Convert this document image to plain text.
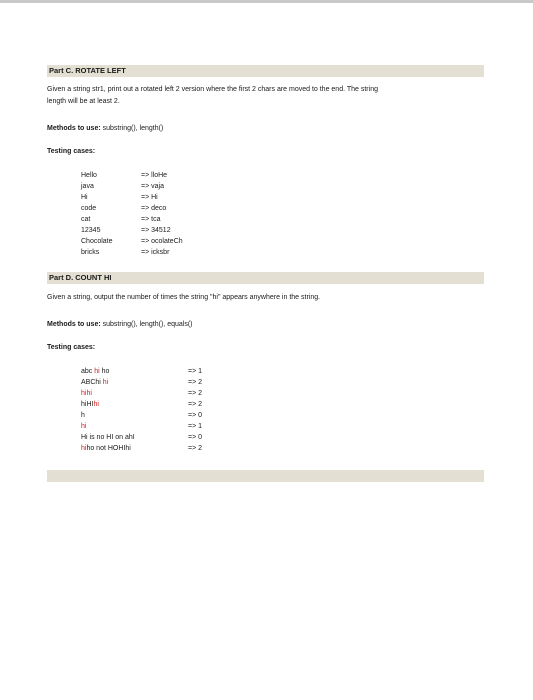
Part C. ROTATE LEFT
Given a string str1, print out a rotated left 2 version where the first 2 chars are moved to the end. The string
length will be at least 2.
Methods to use: substring(), length()
Testing cases:
Hello	=> lloHe
java	=> vaja
Hi	=> Hi
code	=> deco
cat	=> tca
12345	=> 34512
Chocolate	=> ocolateCh
bricks	=> icksbr
Part D. COUNT HI
Given a string, output the number of times the string "hi" appears anywhere in the string.
Methods to use: substring(), length(), equals()
Testing cases:
abc hi ho	=> 1
ABChi hi	=> 2
hihi	=> 2
hiHIhi	=> 2
h	=> 0
hi	=> 1
Hi is no HI on ahI	=> 0
hiho not HOHIhi	=> 2
